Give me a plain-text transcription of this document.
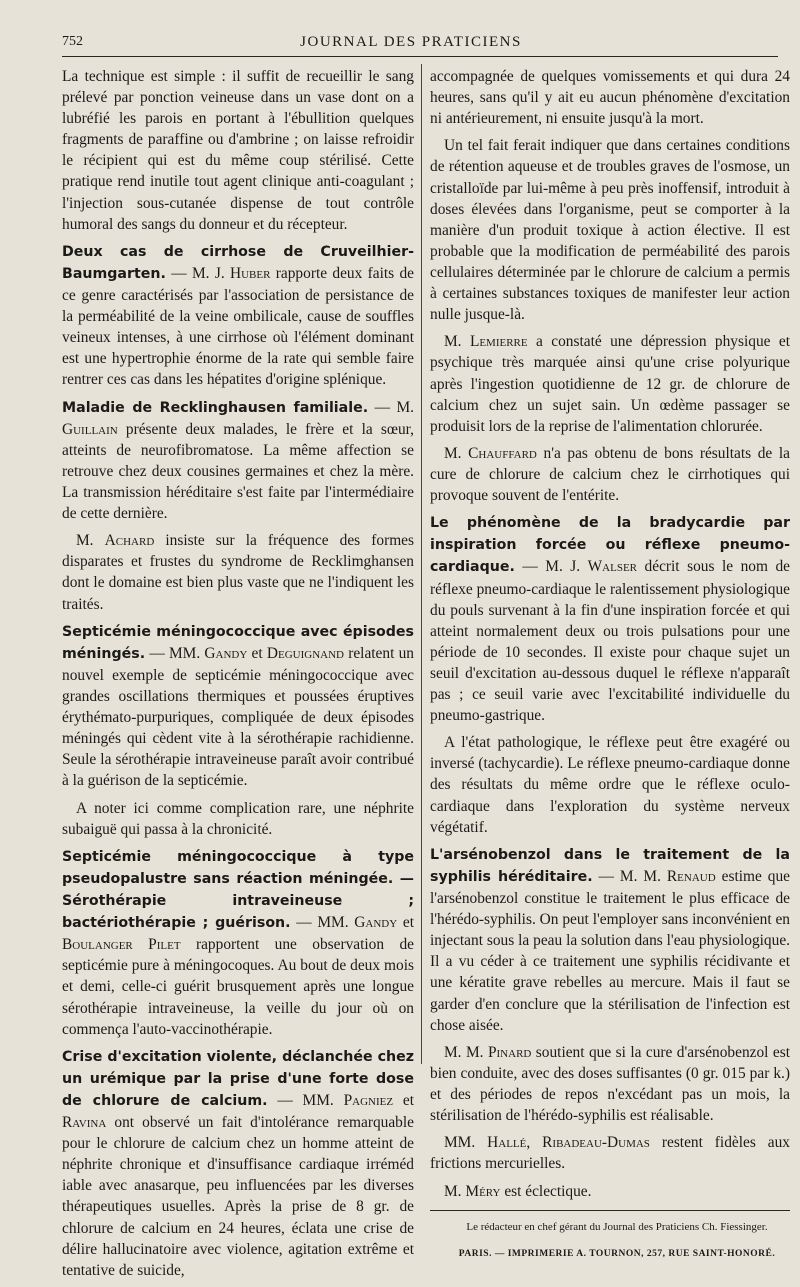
752	JOURNAL DES PRATICIENS

La technique est simple : il suffit de recueillir le sang prélevé par ponction veineuse dans un vase dont on a lubréfié les parois en portant à l'ébullition quelques fragments de paraffine ou d'ambrine ; on laisse refroidir le récipient qui est du même coup stérilisé. Cette pratique rend inutile tout agent clinique anti-coagulant ; l'injection sous-cutanée dispense de tout contrôle humoral des sangs du donneur et du récepteur.

Deux cas de cirrhose de Cruveilhier-Baumgarten. — M. J. Huber rapporte deux faits de ce genre caractérisés par l'association de persistance de la perméabilité de la veine ombilicale, cause de souffles veineux intenses, à une cirrhose où l'élément dominant est une hypertrophie énorme de la rate qui semble faire rentrer ces cas dans les hépatites d'origine splénique.

Maladie de Recklinghausen familiale. — M. Guillain présente deux malades, le frère et la sœur, atteints de neurofibromatose. La même affection se retrouve chez deux cousines germaines et chez la mère. La transmission héréditaire s'est faite par l'intermédiaire de cette dernière.

M. Achard insiste sur la fréquence des formes disparates et frustes du syndrome de Recklimghansen dont le domaine est bien plus vaste que ne l'indiquent les traités.

Septicémie méningococcique avec épisodes méningés. — MM. Gandy et Deguignand relatent un nouvel exemple de septicémie méningococcique avec grandes oscillations thermiques et poussées éruptives érythémato-purpuriques, compliquée de deux épisodes méningés qui cèdent vite à la sérothérapie rachidienne. Seule la sérothérapie intraveineuse paraît avoir contribué à la guérison de la septicémie.

A noter ici comme complication rare, une néphrite subaiguë qui passa à la chronicité.

Septicémie méningococcique à type pseudopalustre sans réaction méningée. — Sérothérapie intraveineuse ; bactériothérapie ; guérison. — MM. Gandy et Boulanger Pilet rapportent une observation de septicémie pure à méningocoques. Au bout de deux mois et demi, celle-ci guérit brusquement après une longue sérothérapie intraveineuse, la veille du jour où on commença l'auto-vaccinothérapie.

Crise d'excitation violente, déclanchée chez un urémique par la prise d'une forte dose de chlorure de calcium. — MM. Pagniez et Ravina ont observé un fait d'intolérance remarquable pour le chlorure de calcium chez un homme atteint de néphrite chronique et d'insuffisance cardiaque irréméd iable avec anasarque, peu influencées par les diverses thérapeutiques usuelles. Après la prise de 8 gr. de chlorure de calcium en 24 heures, éclata une crise de délire hallucinatoire avec violence, agitation extrême et tentative de suicide,

accompagnée de quelques vomissements et qui dura 24 heures, sans qu'il y ait eu aucun phénomène d'excitation ni antérieurement, ni ensuite jusqu'à la mort.

Un tel fait ferait indiquer que dans certaines conditions de rétention aqueuse et de troubles graves de l'osmose, un cristalloïde par lui-même à peu près inoffensif, introduit à doses élevées dans l'organisme, peut se comporter à la manière d'un produit toxique à action élective. Il est probable que la modification de perméabilité des parois cellulaires déterminée par le chlorure de calcium a permis à certaines substances toxiques de manifester leur action nulle jusque-là.

M. Lemierre a constaté une dépression physique et psychique très marquée ainsi qu'une crise polyurique après l'ingestion quotidienne de 12 gr. de chlorure de calcium chez un sujet sain. Un œdème passager se produisit lors de la reprise de l'alimentation chlorurée.

M. Chauffard n'a pas obtenu de bons résultats de la cure de chlorure de calcium chez le cirrhotiques qui provoque souvent de l'entérite.

Le phénomène de la bradycardie par inspiration forcée ou réflexe pneumo-cardiaque. — M. J. Walser décrit sous le nom de réflexe pneumo-cardiaque le ralentissement physiologique du pouls survenant à la fin d'une inspiration forcée et qui atteint normalement deux ou trois pulsations pour une période de 10 secondes. Il existe pour chaque sujet un seuil d'excitation au-dessous duquel le réflexe n'apparaît pas ; ce seuil varie avec l'excitabilité individuelle du pneumo-gastrique.

A l'état pathologique, le réflexe peut être exagéré ou inversé (tachycardie). Le réflexe pneumo-cardiaque donne des résultats du même ordre que le réflexe oculo-cardiaque dans l'exploration du système nerveux végétatif.

L'arsénobenzol dans le traitement de la syphilis héréditaire. — M. M. Renaud estime que l'arsénobenzol constitue le traitement le plus efficace de l'hérédo-syphilis. On peut l'employer sans inconvénient en injectant sous la peau la solution dans l'eau physiologique. Il a vu céder à ce traitement une syphilis récidivante et une kératite grave rebelles au mercure. Mais il faut se garder d'en conclure que la stérilisation de l'infection est chose aisée.

M. M. Pinard soutient que si la cure d'arsénobenzol est bien conduite, avec des doses suffisantes (0 gr. 015 par k.) et des périodes de repos n'excédant pas un mois, la stérilisation de l'hérédo-syphilis est réalisable.

MM. Hallé, Ribadeau-Dumas restent fidèles aux frictions mercurielles.

M. Méry est éclectique.

Le rédacteur en chef gérant du Journal des Praticiens Ch. Fiessinger.

PARIS. — IMPRIMERIE A. TOURNON, 257, RUE SAINT-HONORÉ.
